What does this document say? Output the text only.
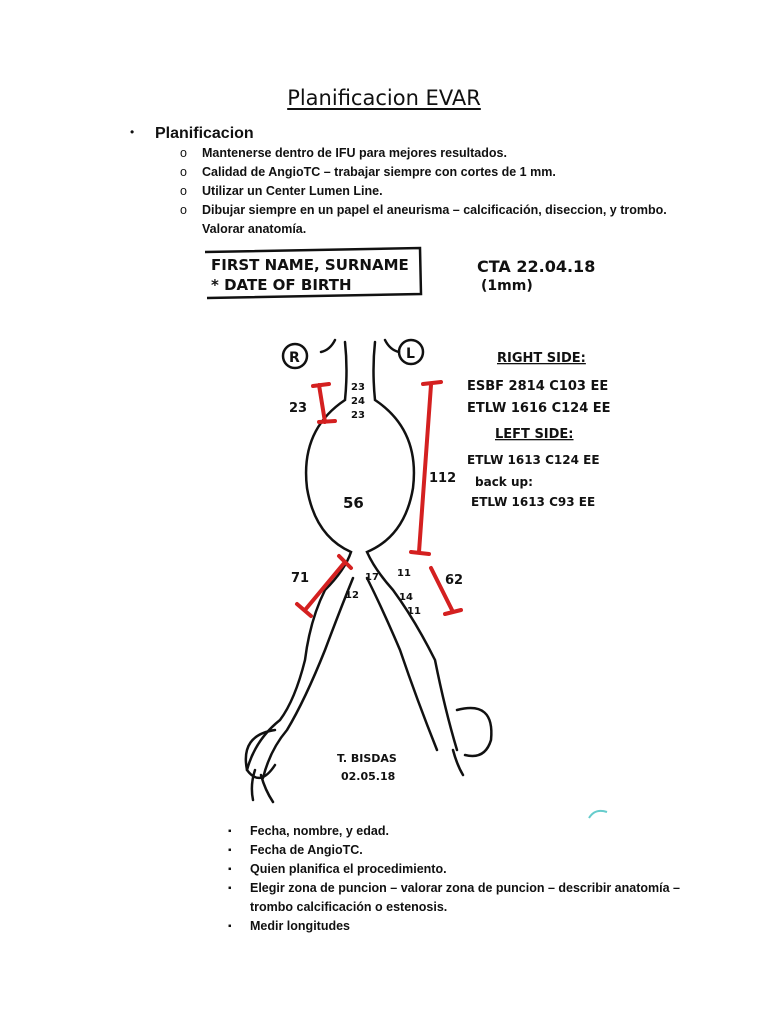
Planificacion EVAR
• Planificacion
o Mantenerse dentro de IFU para mejores resultados.
o Calidad de AngioTC – trabajar siempre con cortes de 1 mm.
o Utilizar un Center Lumen Line.
o Dibujar siempre en un papel el aneurisma – calcificación, diseccion, y trombo. Valorar anatomía.
FIRST NAME, SURNAME
* DATE OF BIRTH
CTA 22.04.18
(1mm)
R	L
23
24
23
23
56
112
71	62
17
12
11
14
11
RIGHT SIDE:
ESBF 2814 C103 EE
ETLW 1616 C124 EE
LEFT SIDE:
ETLW 1613 C124 EE
back up:
ETLW 1613 C93 EE
T. BISDAS
02.05.18
▪ Fecha, nombre, y edad.
▪ Fecha de AngioTC.
▪ Quien planifica el procedimiento.
▪ Elegir zona de puncion – valorar zona de puncion – describir anatomía – trombo calcificación o estenosis.
▪ Medir longitudes
